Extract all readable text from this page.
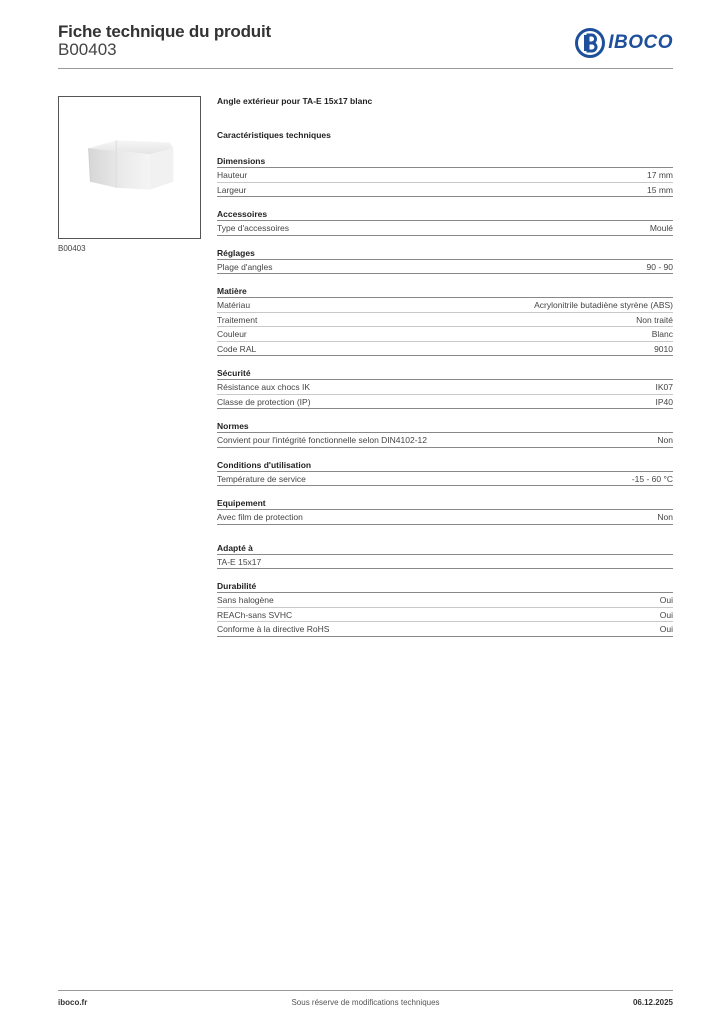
Fiche technique du produit
B00403	IBOCO
B00403
Angle extérieur pour TA-E 15x17 blanc
Caractéristiques techniques
Dimensions
Hauteur	17 mm
Largeur	15 mm
Accessoires
Type d'accessoires	Moulé
Réglages
Plage d'angles	90 - 90
Matière
Matériau	Acrylonitrile butadiène styrène (ABS)
Traitement	Non traité
Couleur	Blanc
Code RAL	9010
Sécurité
Résistance aux chocs IK	IK07
Classe de protection (IP)	IP40
Normes
Convient pour l'intégrité fonctionnelle selon DIN4102-12	Non
Conditions d'utilisation
Température de service	-15 - 60 °C
Equipement
Avec film de protection	Non
Adapté à
TA-E 15x17
Durabilité
Sans halogène	Oui
REACh-sans SVHC	Oui
Conforme à la directive RoHS	Oui
Sous réserve de modifications techniques
iboco.fr	06.12.2025
